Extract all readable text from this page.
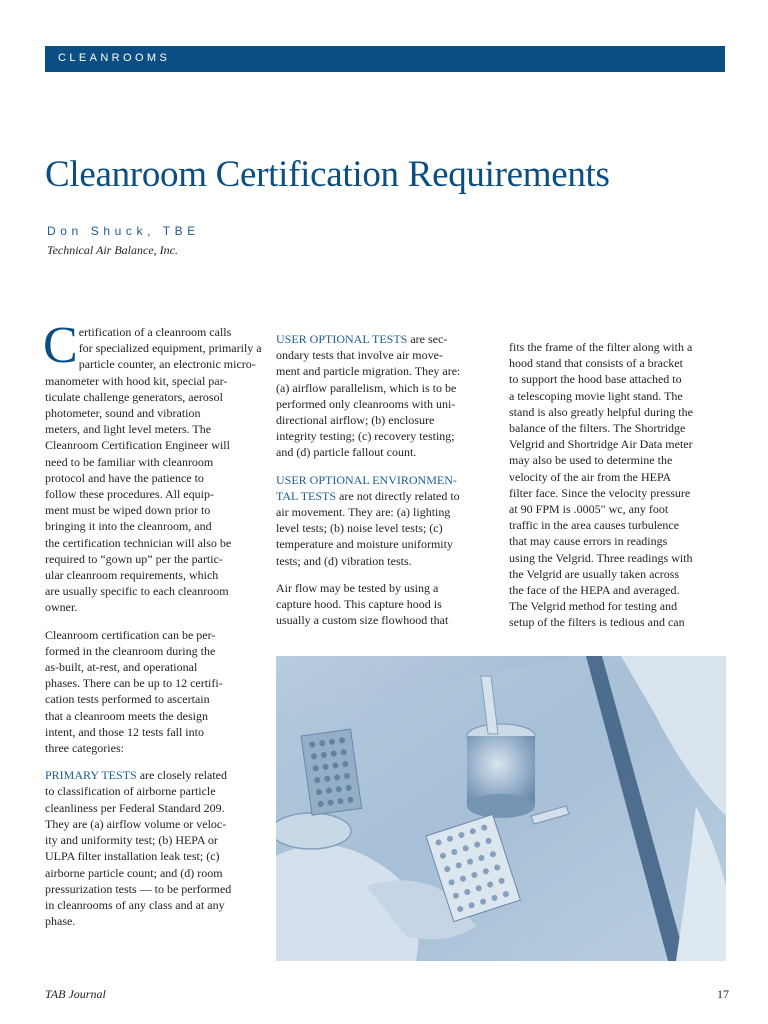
CLEANROOMS
Cleanroom Certification Requirements
Don Shuck, TBE
Technical Air Balance, Inc.

C ertification of a cleanroom calls
for specialized equipment, primarily a
particle counter, an electronic micro-
manometer with hood kit, special par-
ticulate challenge generators, aerosol
photometer, sound and vibration
meters, and light level meters. The
Cleanroom Certification Engineer will
need to be familiar with cleanroom
protocol and have the patience to
follow these procedures. All equip-
ment must be wiped down prior to
bringing it into the cleanroom, and
the certification technician will also be
required to “gown up” per the partic-
ular cleanroom requirements, which
are usually specific to each cleanroom
owner.

Cleanroom certification can be per-
formed in the cleanroom during the
as-built, at-rest, and operational
phases. There can be up to 12 certifi-
cation tests performed to ascertain
that a cleanroom meets the design
intent, and those 12 tests fall into
three categories:

PRIMARY TESTS are closely related
to classification of airborne particle
cleanliness per Federal Standard 209.
They are (a) airflow volume or veloc-
ity and uniformity test; (b) HEPA or
ULPA filter installation leak test; (c)
airborne particle count; and (d) room
pressurization tests — to be performed
in cleanrooms of any class and at any
phase.

USER OPTIONAL TESTS are sec-
ondary tests that involve air move-
ment and particle migration. They are:
(a) airflow parallelism, which is to be
performed only cleanrooms with uni-
directional airflow; (b) enclosure
integrity testing; (c) recovery testing;
and (d) particle fallout count.

USER OPTIONAL ENVIRONMEN-
TAL TESTS are not directly related to
air movement. They are: (a) lighting
level tests; (b) noise level tests; (c)
temperature and moisture uniformity
tests; and (d) vibration tests.

Air flow may be tested by using a
capture hood. This capture hood is
usually a custom size flowhood that

fits the frame of the filter along with a
hood stand that consists of a bracket
to support the hood base attached to
a telescoping movie light stand. The
stand is also greatly helpful during the
balance of the filters. The Shortridge
Velgrid and Shortridge Air Data meter
may also be used to determine the
velocity of the air from the HEPA
filter face. Since the velocity pressure
at 90 FPM is .0005" wc, any foot
traffic in the area causes turbulence
that may cause errors in readings
using the Velgrid. Three readings with
the Velgrid are usually taken across
the face of the HEPA and averaged.
The Velgrid method for testing and
setup of the filters is tedious and can

TAB Journal	17
